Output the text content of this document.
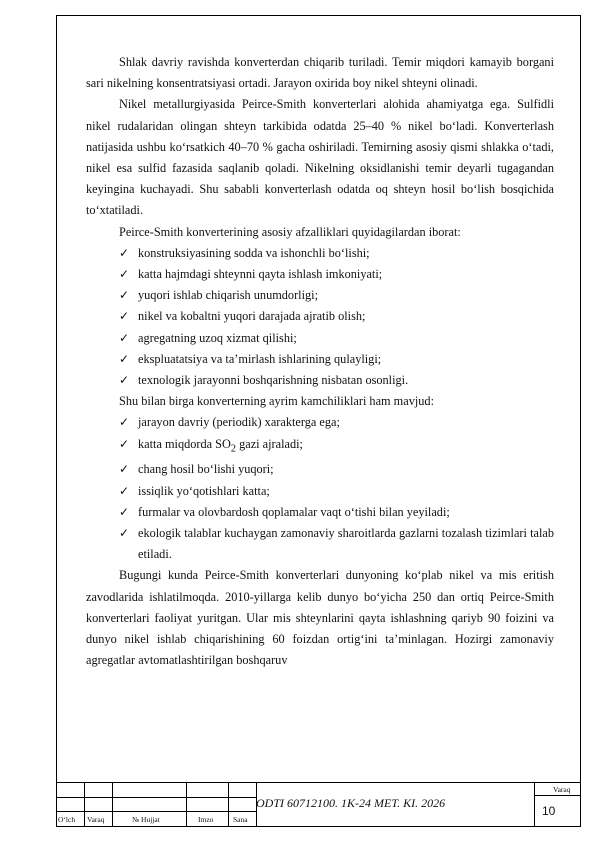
Shlak davriy ravishda konverterdan chiqarib turiladi. Temir miqdori kamayib borgani sari nikelning konsentratsiyasi ortadi. Jarayon oxirida boy nikel shteyni olinadi.

Nikel metallurgiyasida Peirce-Smith konverterlari alohida ahamiyatga ega. Sulfidli nikel rudalaridan olingan shteyn tarkibida odatda 25–40 % nikel bo‘ladi. Konverterlash natijasida ushbu ko‘rsatkich 40–70 % gacha oshiriladi. Temirning asosiy qismi shlakka o‘tadi, nikel esa sulfid fazasida saqlanib qoladi. Nikelning oksidlanishi temir deyarli tugagandan keyingina kuchayadi. Shu sababli konverterlash odatda oq shteyn hosil bo‘lish bosqichida to‘xtatiladi.

Peirce-Smith konverterining asosiy afzalliklari quyidagilardan iborat:

✓ konstruksiyasining sodda va ishonchli bo‘lishi;
✓ katta hajmdagi shteynni qayta ishlash imkoniyati;
✓ yuqori ishlab chiqarish unumdorligi;
✓ nikel va kobaltni yuqori darajada ajratib olish;
✓ agregatning uzoq xizmat qilishi;
✓ ekspluatatsiya va ta’mirlash ishlarining qulayligi;
✓ texnologik jarayonni boshqarishning nisbatan osonligi.

Shu bilan birga konverterning ayrim kamchiliklari ham mavjud:

✓ jarayon davriy (periodik) xarakterga ega;
✓ katta miqdorda $SO_2$ gazi ajraladi;
✓ chang hosil bo‘lishi yuqori;
✓ issiqlik yo‘qotishlari katta;
✓ furmalar va olovbardosh qoplamalar vaqt o‘tishi bilan yeyiladi;
✓ ekologik talablar kuchaygan zamonaviy sharoitlarda gazlarni tozalash tizimlari talab etiladi.

Bugungi kunda Peirce-Smith konverterlari dunyoning ko‘plab nikel va mis eritish zavodlarida ishlatilmoqda. 2010-yillarga kelib dunyo bo‘yicha 250 dan ortiq Peirce-Smith konverterlari faoliyat yuritgan. Ular mis shteynlarini qayta ishlashning qariyb 90 foizini va dunyo nikel ishlab chiqarishining 60 foizdan ortig‘ini ta’minlagan. Hozirgi zamonaviy agregatlar avtomatlashtirilgan boshqaruv

O‘lch Varaq	№ Hujjat	Imzo	Sana
ODTI 60712100. 1K-24 MET. KI. 2026
Varaq
10
